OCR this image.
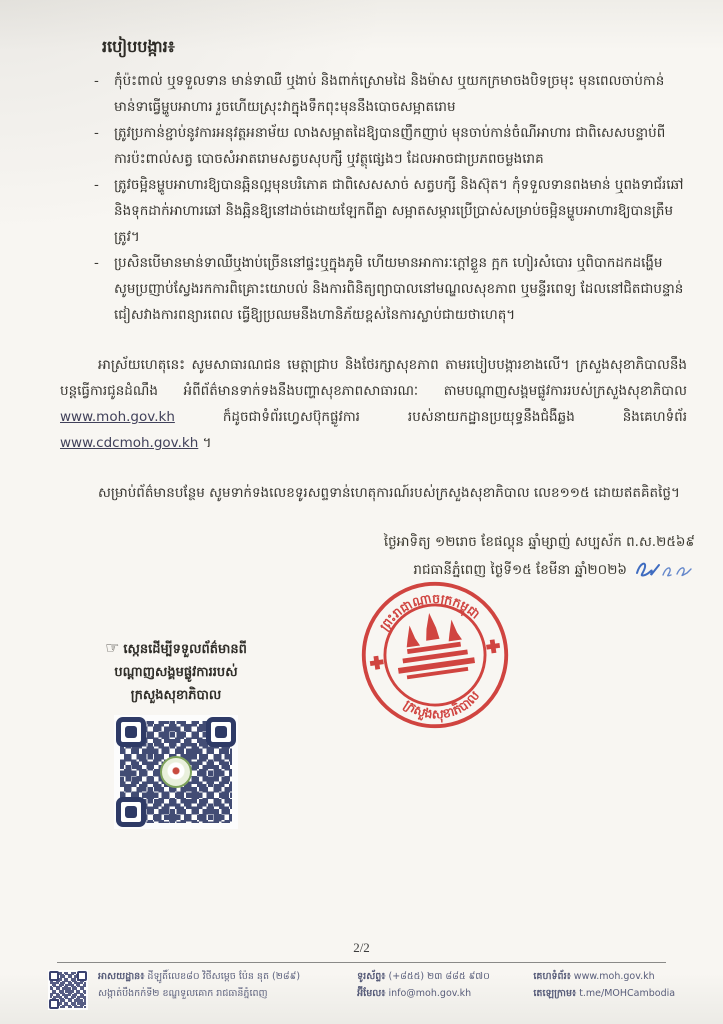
របៀបបង្ការ៖
-	កុំប៉ះពាល់ ឬទទួលទាន មាន់ទាឈឺ ឬងាប់ និងពាក់ស្រោមដៃ និងម៉ាស ឬយកក្រមាចងបិទច្រមុះ មុនពេលចាប់កាន់មាន់ទាធ្វើម្ហូបអាហារ រួចហើយស្រុះវាក្នុងទឹកពុះមុននឹងបោចសម្អាតរោម
-	ត្រូវប្រកាន់ខ្ជាប់នូវការអនុវត្តអនាម័យ លាងសម្អាតដៃឱ្យបានញឹកញាប់ មុនចាប់កាន់ចំណីអាហារ ជាពិសេសបន្ទាប់ពីការប៉ះពាល់សត្វ បោចសំអាតរោមសត្វបសុបក្សី ឬវត្ថុផ្សេងៗ ដែលអាចជាប្រភពចម្លងរោគ
-	ត្រូវចម្អិនម្ហូបអាហារឱ្យបានឆ្អិនល្អមុនបរិភោគ ជាពិសេសសាច់ សត្វបក្សី និងស៊ុត។ កុំទទួលទានពងមាន់ ឬពងទាជ័រឆៅ និងទុកដាក់អាហារឆៅ និងឆ្អិនឱ្យនៅដាច់ដោយឡែកពីគ្នា សម្អាតសម្ភារប្រើប្រាស់សម្រាប់ចម្អិនម្ហូបអាហារឱ្យបានត្រឹមត្រូវ។
-	ប្រសិនបើមានមាន់ទាឈឺឬងាប់ច្រើននៅផ្ទះឬក្នុងភូមិ ហើយមានអាការៈក្ដៅខ្លួន ក្អក ហៀរសំបោរ ឬពិបាកដកដង្ហើម សូមប្រញាប់ស្វែងរកការពិគ្រោះយោបល់ និងការពិនិត្យព្យាបាលនៅមណ្ឌលសុខភាព ឬមន្ទីរពេទ្យ ដែលនៅជិតជាបន្ទាន់ ជៀសវាងការពន្យារពេល ធ្វើឱ្យប្រឈមនឹងហានិភ័យខ្ពស់នៃការស្លាប់ជាយថាហេតុ។

អាស្រ័យហេតុនេះ សូមសាធារណជន មេត្តាជ្រាប និងថែរក្សាសុខភាព តាមរបៀបបង្ការខាងលើ។ ក្រសួងសុខាភិបាលនឹងបន្តធ្វើការជូនដំណឹង អំពីព័ត៌មានទាក់ទងនឹងបញ្ហាសុខភាពសាធារណៈ តាមបណ្ដាញសង្គមផ្លូវការរបស់ក្រសួងសុខាភិបាល www.moh.gov.kh ក៏ដូចជាទំព័រហ្វេសប៊ុកផ្លូវការ របស់នាយកដ្ឋានប្រយុទ្ធនឹងជំងឺឆ្លង និងគេហទំព័រ www.cdcmoh.gov.kh ។

សម្រាប់ព័ត៌មានបន្ថែម សូមទាក់ទងលេខទូរសព្ទទាន់ហេតុការណ៍របស់ក្រសួងសុខាភិបាល លេខ១១៥ ដោយឥតគិតថ្លៃ។

ថ្ងៃអាទិត្យ ១២រោច ខែផល្គុន ឆ្នាំម្សាញ់ សប្បស័ក ព.ស.២៥៦៩
រាជធានីភ្នំពេញ ថ្ងៃទី១៥ ខែមីនា ឆ្នាំ២០២៦
ព្រះរាជាណាចក្រកម្ពុជា
ក្រសួងសុខាភិបាល

☞ ស្កេនដើម្បីទទួលព័ត៌មានពី
បណ្ដាញសង្គមផ្លូវការរបស់
ក្រសួងសុខាភិបាល

2/2
អាសយដ្ឋាន៖ ដីឡូតិ៍លេខ៨០ វិថីសម្ដេច ប៉ែន នុត (២៨៩)
សង្កាត់បឹងកក់ទី២ ខណ្ឌទួលគោក រាជធានីភ្នំពេញ
ទូរស័ព្ទ៖ (+៨៥៥) ២៣ ៨៨៥ ៩៧០
អ៊ីមែល៖ info@moh.gov.kh
គេហទំព័រ៖ www.moh.gov.kh
តេឡេក្រាម៖ t.me/MOHCambodia
